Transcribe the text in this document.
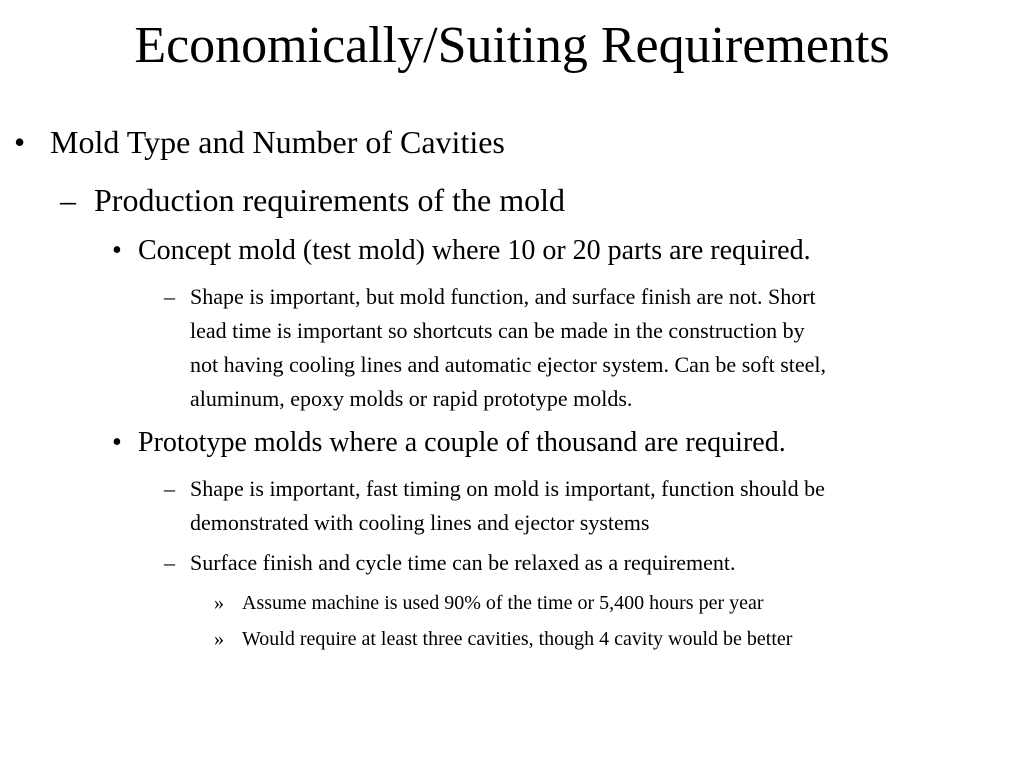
Economically/Suiting Requirements
• Mold Type and Number of Cavities
– Production requirements of the mold
• Concept mold (test mold) where 10 or 20 parts are required.
– Shape is important, but mold function, and surface finish are not. Short
lead time is important so shortcuts can be made in the construction by
not having cooling lines and automatic ejector system. Can be soft steel,
aluminum, epoxy molds or rapid prototype molds.
• Prototype molds where a couple of thousand are required.
– Shape is important, fast timing on mold is important, function should be
demonstrated with cooling lines and ejector systems
– Surface finish and cycle time can be relaxed as a requirement.
» Assume machine is used 90% of the time or 5,400 hours per year
» Would require at least three cavities, though 4 cavity would be better
